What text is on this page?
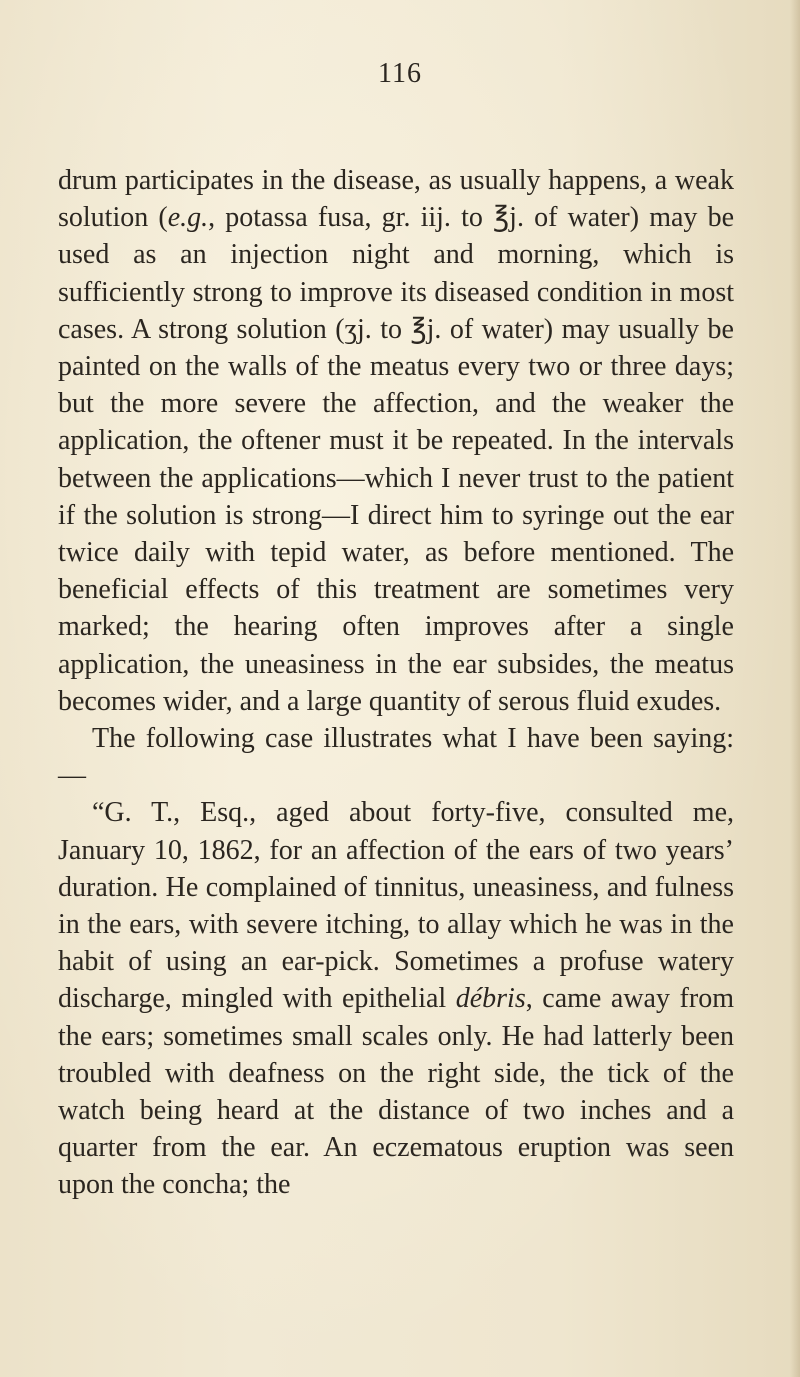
116

drum participates in the disease, as usually happens, a weak solution (e.g., potassa fusa, gr. iij. to ℥j. of water) may be used as an injection night and morning, which is sufficiently strong to improve its diseased condition in most cases. A strong solution (ʒj. to ℥j. of water) may usually be painted on the walls of the meatus every two or three days; but the more severe the affection, and the weaker the application, the oftener must it be repeated. In the intervals between the applications—which I never trust to the patient if the solution is strong—I direct him to syringe out the ear twice daily with tepid water, as before mentioned. The beneficial effects of this treatment are sometimes very marked; the hearing often improves after a single application, the uneasiness in the ear subsides, the meatus becomes wider, and a large quantity of serous fluid exudes.

The following case illustrates what I have been saying:—

“G. T., Esq., aged about forty-five, consulted me, January 10, 1862, for an affection of the ears of two years’ duration. He complained of tinnitus, uneasiness, and fulness in the ears, with severe itching, to allay which he was in the habit of using an ear-pick. Sometimes a profuse watery discharge, mingled with epithelial débris, came away from the ears; sometimes small scales only. He had latterly been troubled with deafness on the right side, the tick of the watch being heard at the distance of two inches and a quarter from the ear. An eczematous eruption was seen upon the concha; the
